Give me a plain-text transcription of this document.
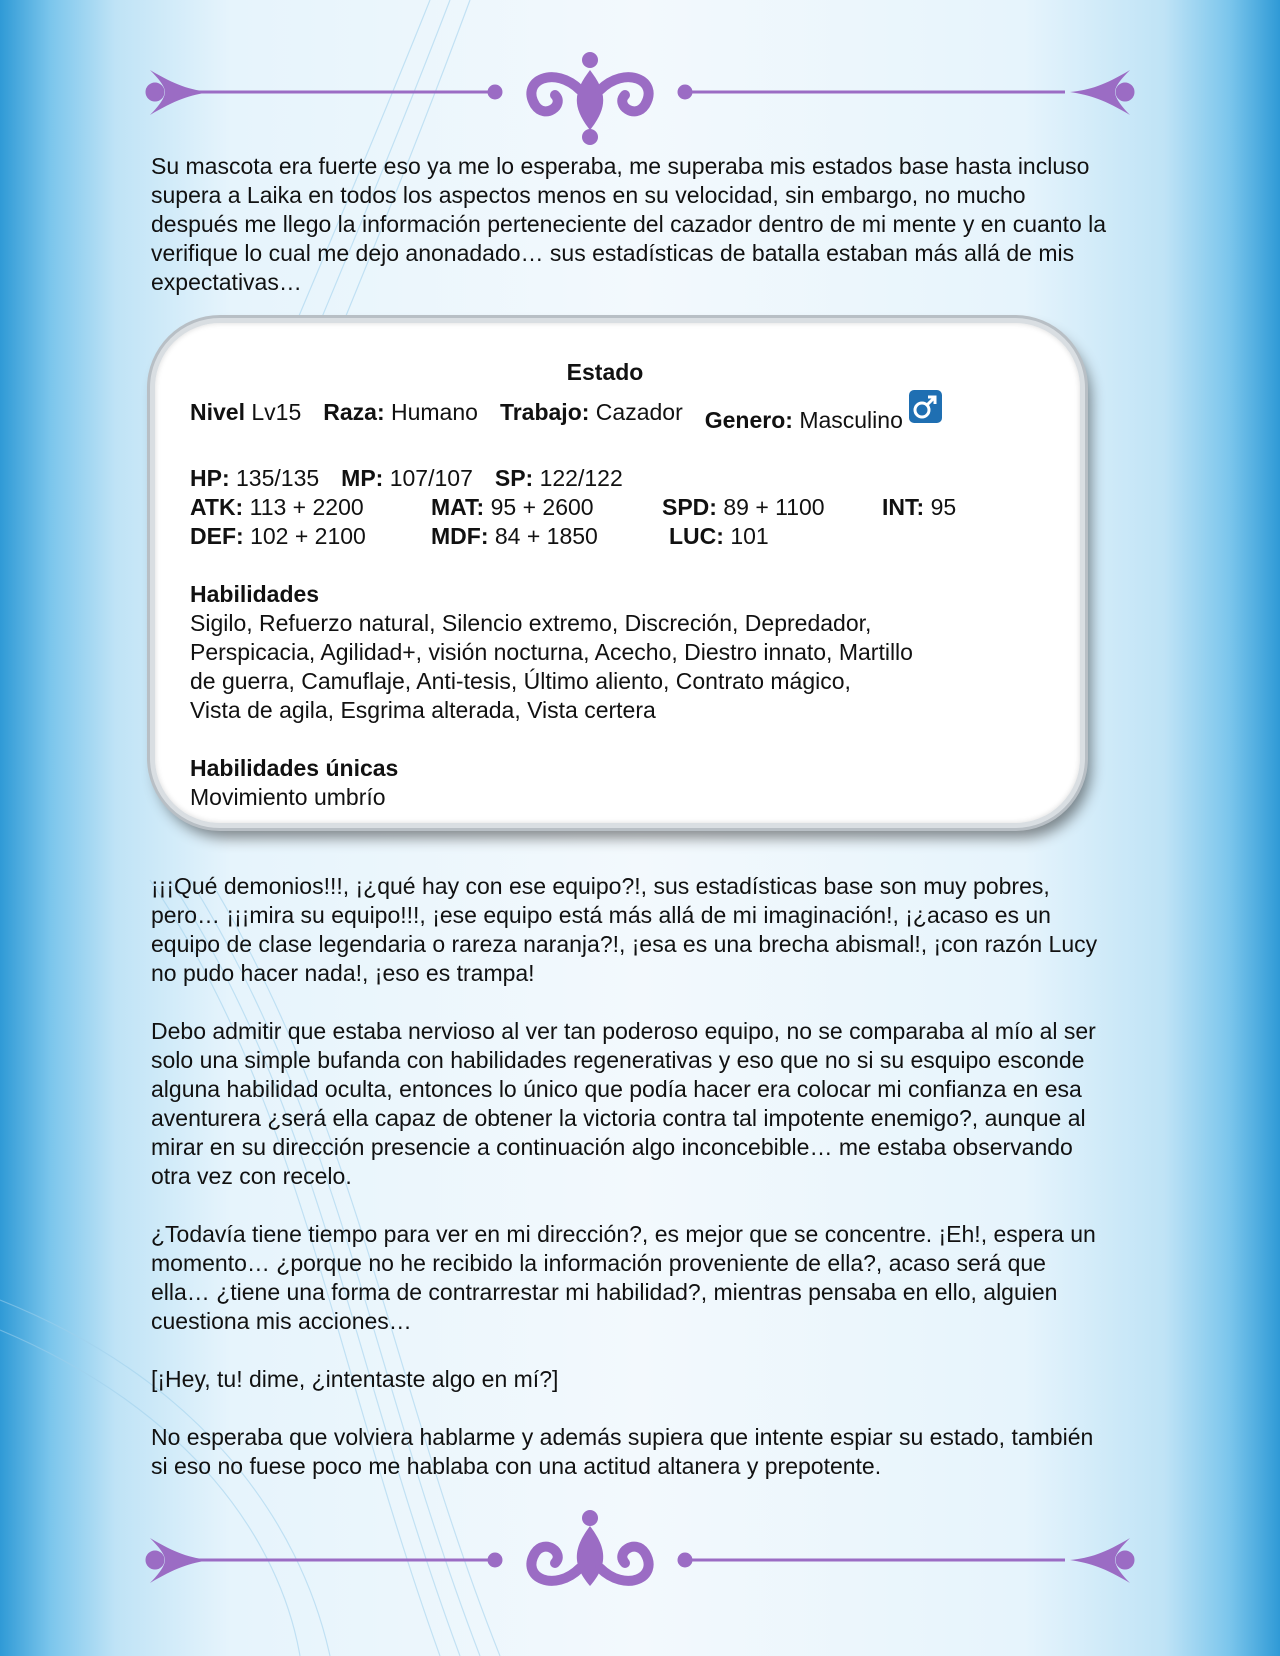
Su mascota era fuerte eso ya me lo esperaba, me superaba mis estados base hasta incluso supera a Laika en todos los aspectos menos en su velocidad, sin embargo, no mucho después me llego la información perteneciente del cazador dentro de mi mente y en cuanto la verifique lo cual me dejo anonadado… sus estadísticas de batalla estaban más allá de mis expectativas…

Estado
Nivel Lv15 Raza: Humano Trabajo: Cazador Genero: Masculino
HP: 135/135 MP: 107/107 SP: 122/122
ATK: 113 + 2200	MAT: 95 + 2600	SPD: 89 + 1100	INT: 95
DEF: 102 + 2100	MDF: 84 + 1850	LUC: 101
Habilidades
Sigilo, Refuerzo natural, Silencio extremo, Discreción, Depredador,
Perspicacia, Agilidad+, visión nocturna, Acecho, Diestro innato, Martillo
de guerra, Camuflaje, Anti-tesis, Último aliento, Contrato mágico,
Vista de agila, Esgrima alterada, Vista certera
Habilidades únicas
Movimiento umbrío

¡¡¡Qué demonios!!!, ¡¿qué hay con ese equipo?!, sus estadísticas base son muy pobres, pero… ¡¡¡mira su equipo!!!, ¡ese equipo está más allá de mi imaginación!, ¡¿acaso es un equipo de clase legendaria o rareza naranja?!, ¡esa es una brecha abismal!, ¡con razón Lucy no pudo hacer nada!, ¡eso es trampa!

Debo admitir que estaba nervioso al ver tan poderoso equipo, no se comparaba al mío al ser solo una simple bufanda con habilidades regenerativas y eso que no si su esquipo esconde alguna habilidad oculta, entonces lo único que podía hacer era colocar mi confianza en esa aventurera ¿será ella capaz de obtener la victoria contra tal impotente enemigo?, aunque al mirar en su dirección presencie a continuación algo inconcebible… me estaba observando otra vez con recelo.

¿Todavía tiene tiempo para ver en mi dirección?, es mejor que se concentre. ¡Eh!, espera un momento… ¿porque no he recibido la información proveniente de ella?, acaso será que ella… ¿tiene una forma de contrarrestar mi habilidad?, mientras pensaba en ello, alguien cuestiona mis acciones…

[¡Hey, tu! dime, ¿intentaste algo en mí?]

No esperaba que volviera hablarme y además supiera que intente espiar su estado, también si eso no fuese poco me hablaba con una actitud altanera y prepotente.
